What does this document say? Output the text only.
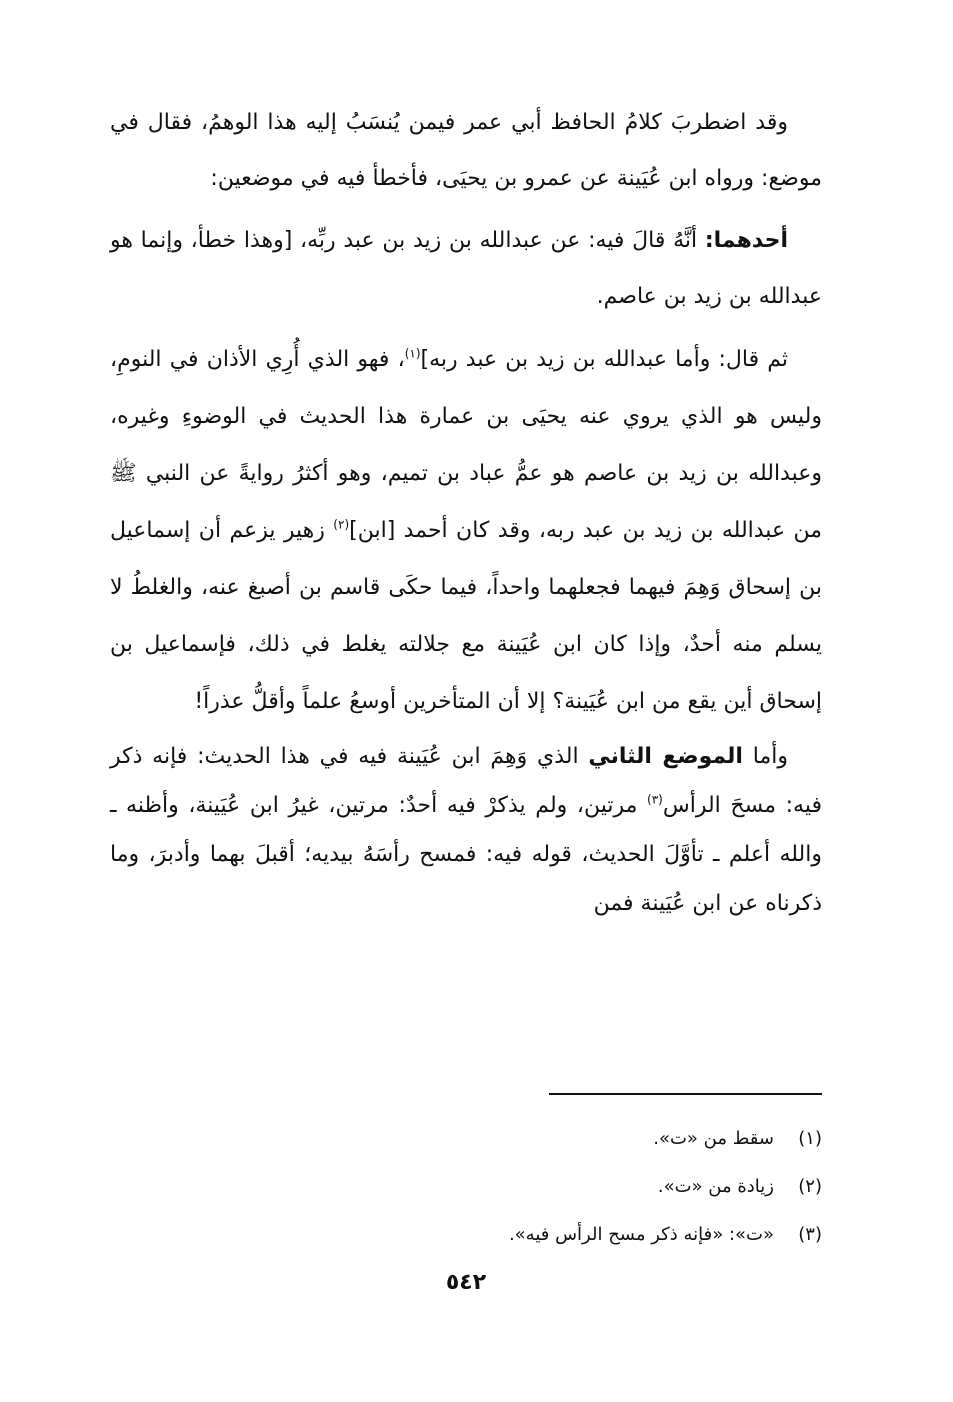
وقد اضطربَ كلامُ الحافظ أبي عمر فيمن يُنسَبُ إليه هذا الوهمُ، فقال في موضع: ورواه ابن عُيَينة عن عمرو بن يحيَى، فأخطأ فيه في موضعين:

أحدهما: أنَّهُ قالَ فيه: عن عبدالله بن زيد بن عبد ربِّه، [وهذا خطأ، وإنما هو عبدالله بن زيد بن عاصم.

ثم قال: وأما عبدالله بن زيد بن عبد ربه]$^{(١)}$، فهو الذي أُرِي الأذان في النومِ، وليس هو الذي يروي عنه يحيَى بن عمارة هذا الحديث في الوضوءِ وغيره، وعبدالله بن زيد بن عاصم هو عمُّ عباد بن تميم، وهو أكثرُ روايةً عن النبي ﷺ من عبدالله بن زيد بن عبد ربه، وقد كان أحمد [ابن]$^{(٢)}$ زهير يزعم أن إسماعيل بن إسحاق وَهِمَ فيهما فجعلهما واحداً، فيما حكَى قاسم بن أصبغ عنه، والغلطُ لا يسلم منه أحدٌ، وإذا كان ابن عُيَينة مع جلالته يغلط في ذلك، فإسماعيل بن إسحاق أين يقع من ابن عُيَينة؟ إلا أن المتأخرين أوسعُ علماً وأقلُّ عذراً!

وأما الموضع الثاني الذي وَهِمَ ابن عُيَينة فيه في هذا الحديث: فإنه ذكر فيه: مسحَ الرأس$^{(٣)}$ مرتين، ولم يذكرْ فيه أحدٌ: مرتين، غيرُ ابن عُيَينة، وأظنه ـ والله أعلم ـ تأوَّلَ الحديث، قوله فيه: فمسح رأسَهُ بيديه؛ أقبلَ بهما وأدبرَ، وما ذكرناه عن ابن عُيَينة فمن

(١)
سقط من «ت».
(٢)
زيادة من «ت».
(٣)
«ت»: «فإنه ذكر مسح الرأس فيه».
٥٤٢
